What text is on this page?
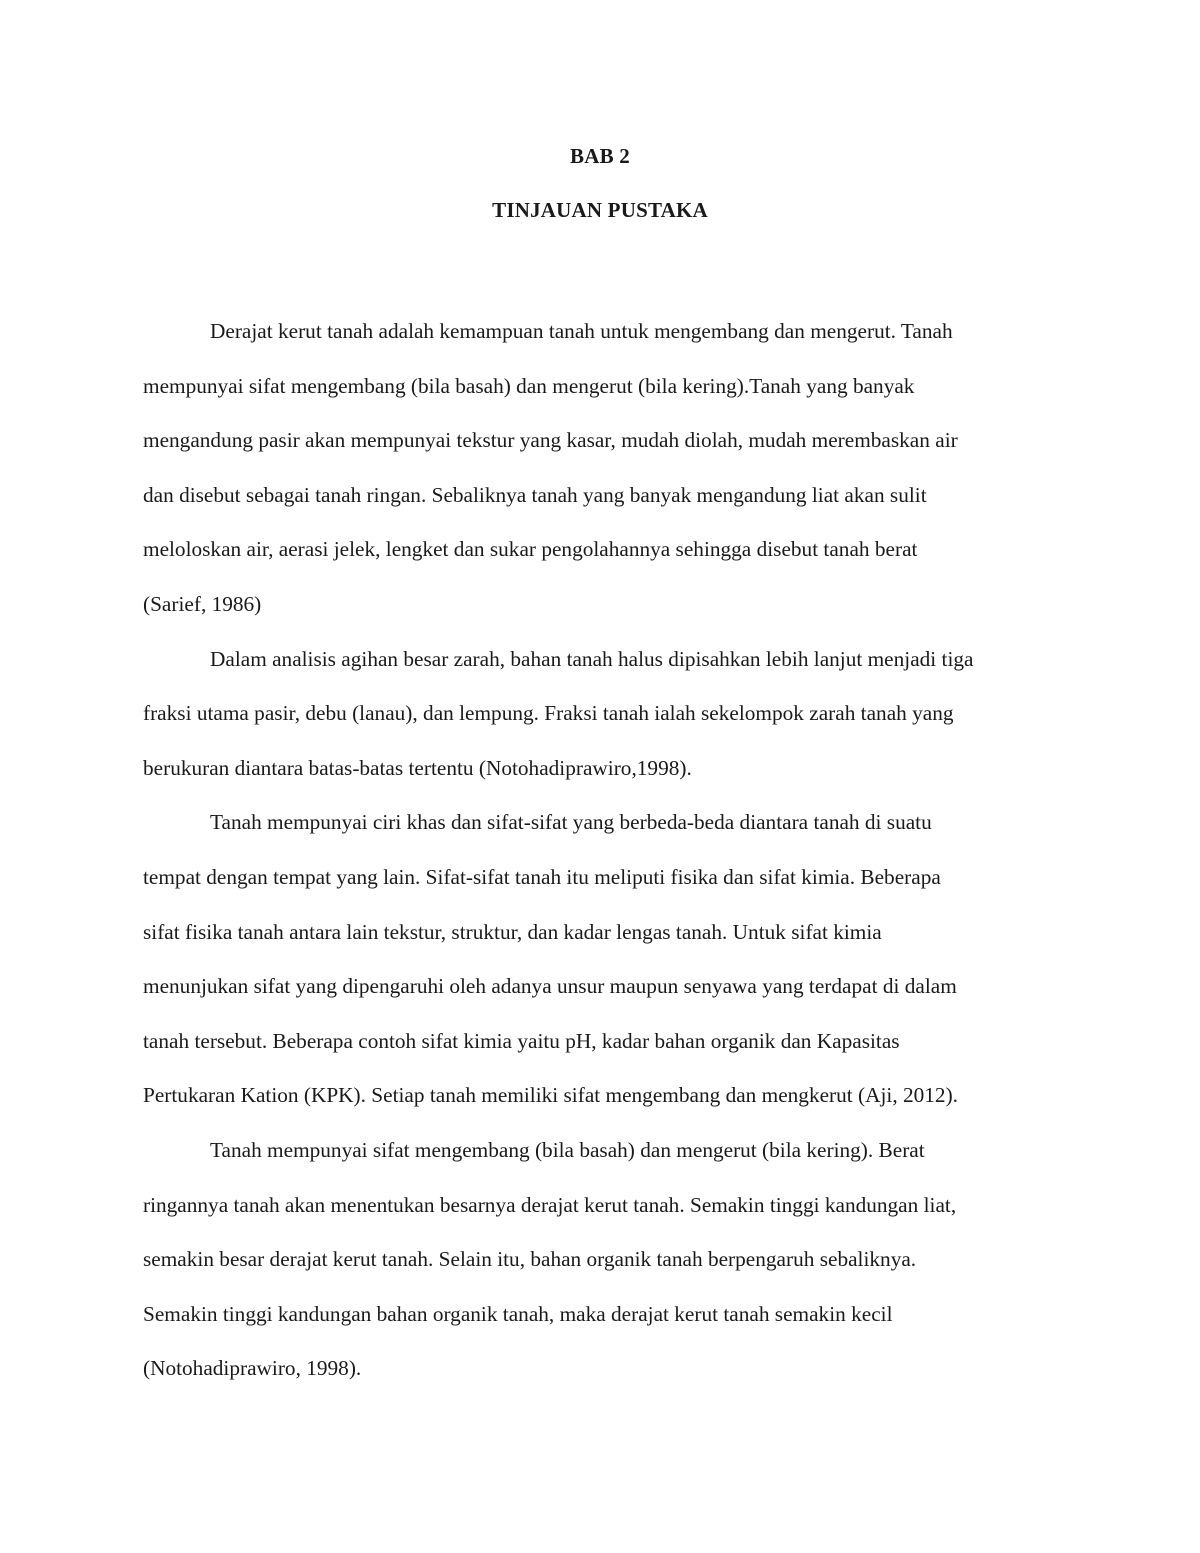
BAB 2
TINJAUAN PUSTAKA
Derajat kerut tanah adalah kemampuan tanah untuk mengembang dan mengerut. Tanah
mempunyai sifat mengembang (bila basah) dan mengerut (bila kering).Tanah yang banyak
mengandung pasir akan mempunyai tekstur yang kasar, mudah diolah, mudah merembaskan air
dan disebut sebagai tanah ringan. Sebaliknya tanah yang banyak mengandung liat akan sulit
meloloskan air, aerasi jelek, lengket dan sukar pengolahannya sehingga disebut tanah berat
(Sarief, 1986)
Dalam analisis agihan besar zarah, bahan tanah halus dipisahkan lebih lanjut menjadi tiga
fraksi utama pasir, debu (lanau), dan lempung. Fraksi tanah ialah sekelompok zarah tanah yang
berukuran diantara batas-batas tertentu (Notohadiprawiro,1998).
Tanah mempunyai ciri khas dan sifat-sifat yang berbeda-beda diantara tanah di suatu
tempat dengan tempat yang lain. Sifat-sifat tanah itu meliputi fisika dan sifat kimia. Beberapa
sifat fisika tanah antara lain tekstur, struktur, dan kadar lengas tanah. Untuk sifat kimia
menunjukan sifat yang dipengaruhi oleh adanya unsur maupun senyawa yang terdapat di dalam
tanah tersebut. Beberapa contoh sifat kimia yaitu pH, kadar bahan organik dan Kapasitas
Pertukaran Kation (KPK). Setiap tanah memiliki sifat mengembang dan mengkerut (Aji, 2012).
Tanah mempunyai sifat mengembang (bila basah) dan mengerut (bila kering). Berat
ringannya tanah akan menentukan besarnya derajat kerut tanah. Semakin tinggi kandungan liat,
semakin besar derajat kerut tanah. Selain itu, bahan organik tanah berpengaruh sebaliknya.
Semakin tinggi kandungan bahan organik tanah, maka derajat kerut tanah semakin kecil
(Notohadiprawiro, 1998).
